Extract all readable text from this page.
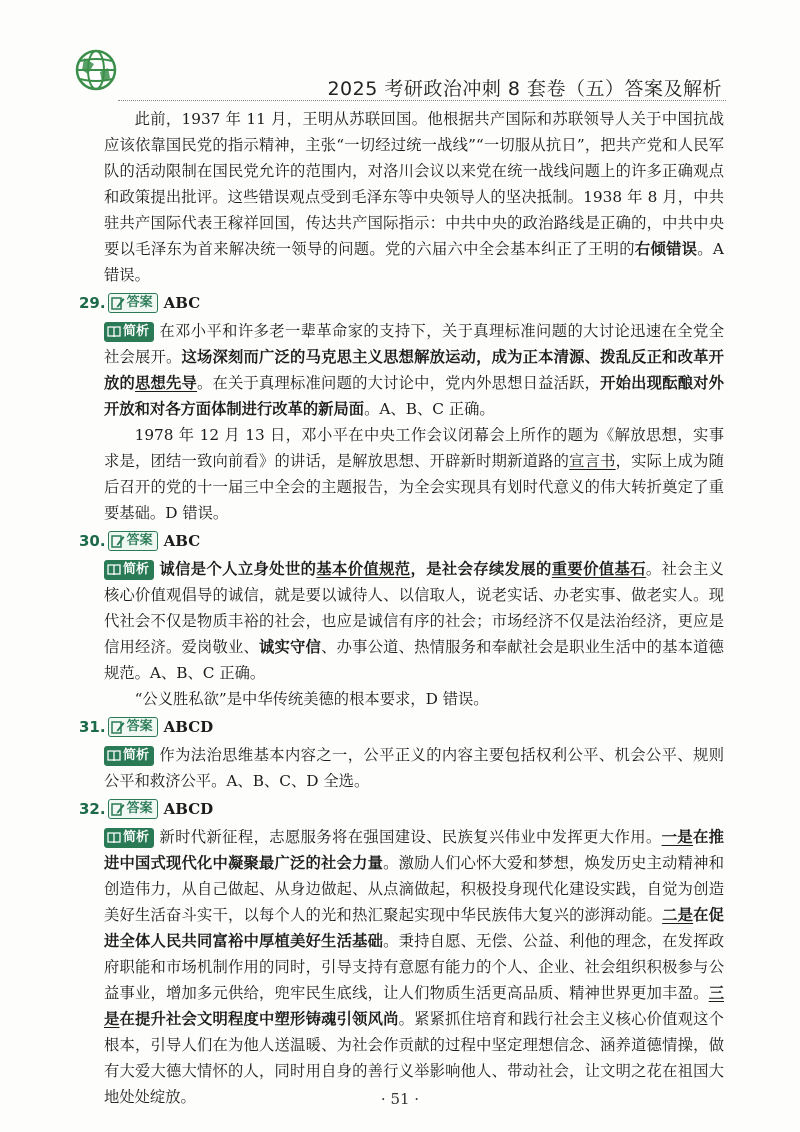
2025 考研政治冲刺 8 套卷（五）答案及解析

此前，1937 年 11 月，王明从苏联回国。他根据共产国际和苏联领导人关于中国抗战应该依靠国民党的指示精神，主张“一切经过统一战线”“一切服从抗日”，把共产党和人民军队的活动限制在国民党允许的范围内，对洛川会议以来党在统一战线问题上的许多正确观点和政策提出批评。这些错误观点受到毛泽东等中央领导人的坚决抵制。1938 年 8 月，中共驻共产国际代表王稼祥回国，传达共产国际指示：中共中央的政治路线是正确的，中共中央要以毛泽东为首来解决统一领导的问题。党的六届六中全会基本纠正了王明的右倾错误。A 错误。

29. 答案 ABC

简析 在邓小平和许多老一辈革命家的支持下，关于真理标准问题的大讨论迅速在全党全社会展开。这场深刻而广泛的马克思主义思想解放运动，成为正本清源、拨乱反正和改革开放的思想先导。在关于真理标准问题的大讨论中，党内外思想日益活跃，开始出现酝酿对外开放和对各方面体制进行改革的新局面。A、B、C 正确。

1978 年 12 月 13 日，邓小平在中央工作会议闭幕会上所作的题为《解放思想，实事求是，团结一致向前看》的讲话，是解放思想、开辟新时期新道路的宣言书，实际上成为随后召开的党的十一届三中全会的主题报告，为全会实现具有划时代意义的伟大转折奠定了重要基础。D 错误。

30. 答案 ABC

简析 诚信是个人立身处世的基本价值规范，是社会存续发展的重要价值基石。社会主义核心价值观倡导的诚信，就是要以诚待人、以信取人，说老实话、办老实事、做老实人。现代社会不仅是物质丰裕的社会，也应是诚信有序的社会；市场经济不仅是法治经济，更应是信用经济。爱岗敬业、诚实守信、办事公道、热情服务和奉献社会是职业生活中的基本道德规范。A、B、C 正确。

“公义胜私欲”是中华传统美德的根本要求，D 错误。

31. 答案 ABCD

简析 作为法治思维基本内容之一，公平正义的内容主要包括权利公平、机会公平、规则公平和救济公平。A、B、C、D 全选。

32. 答案 ABCD

简析 新时代新征程，志愿服务将在强国建设、民族复兴伟业中发挥更大作用。一是在推进中国式现代化中凝聚最广泛的社会力量。激励人们心怀大爱和梦想，焕发历史主动精神和创造伟力，从自己做起、从身边做起、从点滴做起，积极投身现代化建设实践，自觉为创造美好生活奋斗实干，以每个人的光和热汇聚起实现中华民族伟大复兴的澎湃动能。二是在促进全体人民共同富裕中厚植美好生活基础。秉持自愿、无偿、公益、利他的理念，在发挥政府职能和市场机制作用的同时，引导支持有意愿有能力的个人、企业、社会组织积极参与公益事业，增加多元供给，兜牢民生底线，让人们物质生活更高品质、精神世界更加丰盈。三是在提升社会文明程度中塑形铸魂引领风尚。紧紧抓住培育和践行社会主义核心价值观这个根本，引导人们在为他人送温暖、为社会作贡献的过程中坚定理想信念、涵养道德情操，做有大爱大德大情怀的人，同时用自身的善行义举影响他人、带动社会，让文明之花在祖国大地处处绽放。	· 51 ·
